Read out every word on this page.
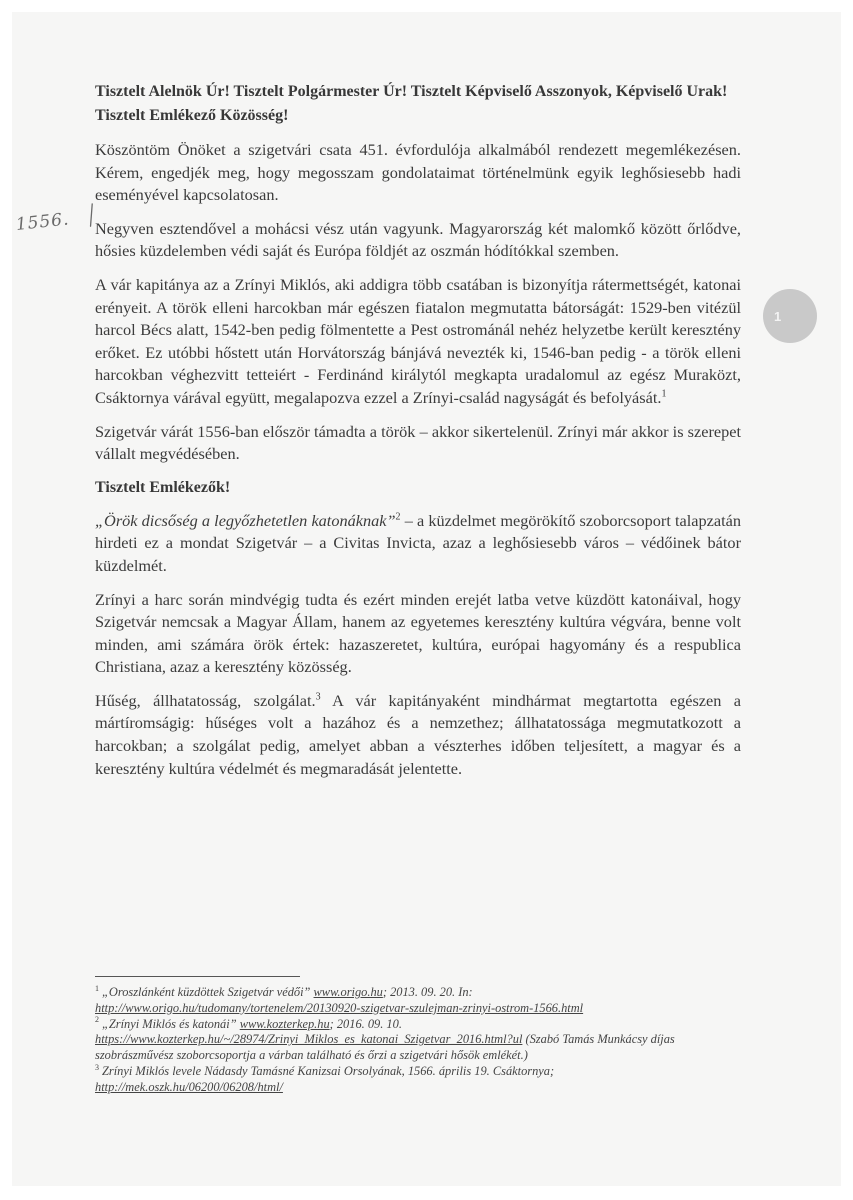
Tisztelt Alelnök Úr! Tisztelt Polgármester Úr! Tisztelt Képviselő Asszonyok, Képviselő Urak! Tisztelt Emlékező Közösség!

Köszöntöm Önöket a szigetvári csata 451. évfordulója alkalmából rendezett megemlékezésen. Kérem, engedjék meg, hogy megosszam gondolataimat történelmünk egyik leghősiesebb hadi eseményével kapcsolatosan.

Negyven esztendővel a mohácsi vész után vagyunk. Magyarország két malomkő között őrlődve, hősies küzdelemben védi saját és Európa földjét az oszmán hódítókkal szemben.

A vár kapitánya az a Zrínyi Miklós, aki addigra több csatában is bizonyítja rátermettségét, katonai erényeit. A török elleni harcokban már egészen fiatalon megmutatta bátorságát: 1529-ben vitézül harcol Bécs alatt, 1542-ben pedig fölmentette a Pest ostrománál nehéz helyzetbe került keresztény erőket. Ez utóbbi hőstett után Horvátország bánjává nevezték ki, 1546-ban pedig - a török elleni harcokban véghezvitt tetteiért - Ferdinánd királytól megkapta uradalomul az egész Muraközt, Csáktornya várával együtt, megalapozva ezzel a Zrínyi-család nagyságát és befolyását.$^1$

Szigetvár várát 1556-ban először támadta a török – akkor sikertelenül. Zrínyi már akkor is szerepet vállalt megvédésében.

Tisztelt Emlékezők!

„Örök dicsőség a legyőzhetetlen katonáknak”$^2$ – a küzdelmet megörökítő szoborcsoport talapzatán hirdeti ez a mondat Szigetvár – a Civitas Invicta, azaz a leghősiesebb város – védőinek bátor küzdelmét.

Zrínyi a harc során mindvégig tudta és ezért minden erejét latba vetve küzdött katonáival, hogy Szigetvár nemcsak a Magyar Állam, hanem az egyetemes keresztény kultúra végvára, benne volt minden, ami számára örök értek: hazaszeretet, kultúra, európai hagyomány és a respublica Christiana, azaz a keresztény közösség.

Hűség, állhatatosság, szolgálat.$^3$ A vár kapitányaként mindhármat megtartotta egészen a mártíromságig: hűséges volt a hazához és a nemzethez; állhatatossága megmutatkozott a harcokban; a szolgálat pedig, amelyet abban a vészterhes időben teljesített, a magyar és a keresztény kultúra védelmét és megmaradását jelentette.

1556.
1

$^1$ „Oroszlánként küzdöttek Szigetvár védői” www.origo.hu; 2013. 09. 20. In:
http://www.origo.hu/tudomany/tortenelem/20130920-szigetvar-szulejman-zrinyi-ostrom-1566.html

$^2$ „Zrínyi Miklós és katonái” www.kozterkep.hu; 2016. 09. 10.
https://www.kozterkep.hu/~/28974/Zrinyi_Miklos_es_katonai_Szigetvar_2016.html?ul (Szabó Tamás Munkácsy díjas szobrászművész szoborcsoportja a várban található és őrzi a szigetvári hősök emlékét.)

$^3$ Zrínyi Miklós levele Nádasdy Tamásné Kanizsai Orsolyának, 1566. április 19. Csáktornya;
http://mek.oszk.hu/06200/06208/html/
